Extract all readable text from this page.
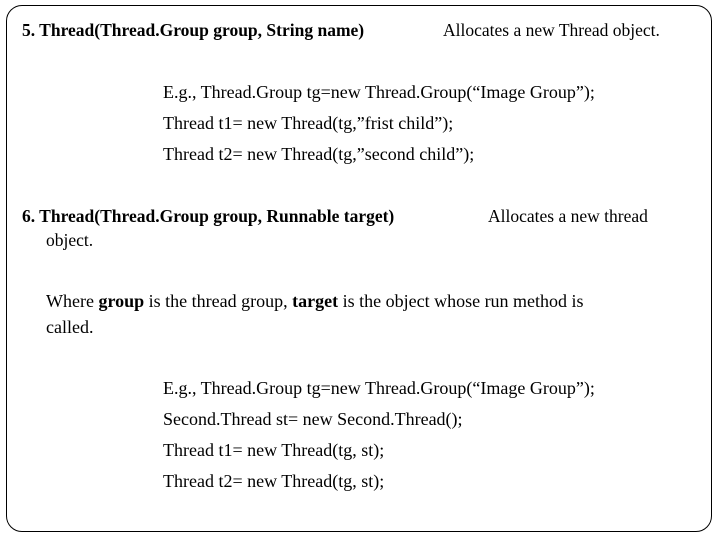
5. Thread(Thread.Group group, String name)	Allocates a new Thread object.
E.g., Thread.Group tg=new Thread.Group(“Image Group”);
Thread t1= new Thread(tg,”frist child”);
Thread t2= new Thread(tg,”second child”);
6. Thread(Thread.Group group, Runnable target)	Allocates a new thread
object.
Where group is the thread group, target is the object whose run method is
called.
E.g., Thread.Group tg=new Thread.Group(“Image Group”);
Second.Thread st= new Second.Thread();
Thread t1= new Thread(tg, st);
Thread t2= new Thread(tg, st);
